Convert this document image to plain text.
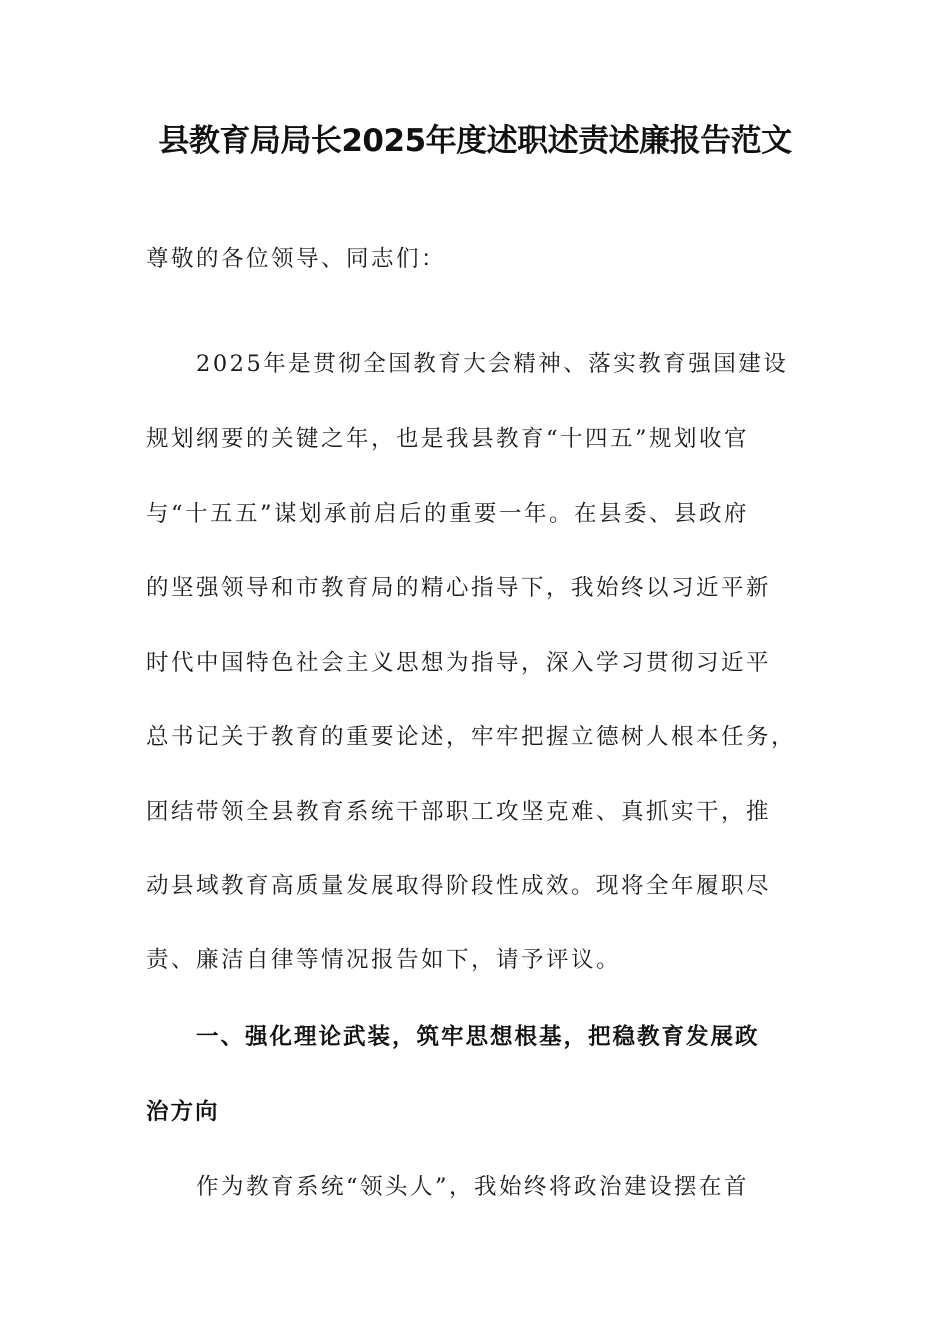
县教育局局长2025年度述职述责述廉报告范文
尊敬的各位领导、同志们：
2025年是贯彻全国教育大会精神、落实教育强国建设
规划纲要的关键之年，也是我县教育“十四五”规划收官
与“十五五”谋划承前启后的重要一年。在县委、县政府
的坚强领导和市教育局的精心指导下，我始终以习近平新
时代中国特色社会主义思想为指导，深入学习贯彻习近平
总书记关于教育的重要论述，牢牢把握立德树人根本任务，
团结带领全县教育系统干部职工攻坚克难、真抓实干，推
动县域教育高质量发展取得阶段性成效。现将全年履职尽
责、廉洁自律等情况报告如下，请予评议。
一、强化理论武装，筑牢思想根基，把稳教育发展政
治方向
作为教育系统“领头人”，我始终将政治建设摆在首
